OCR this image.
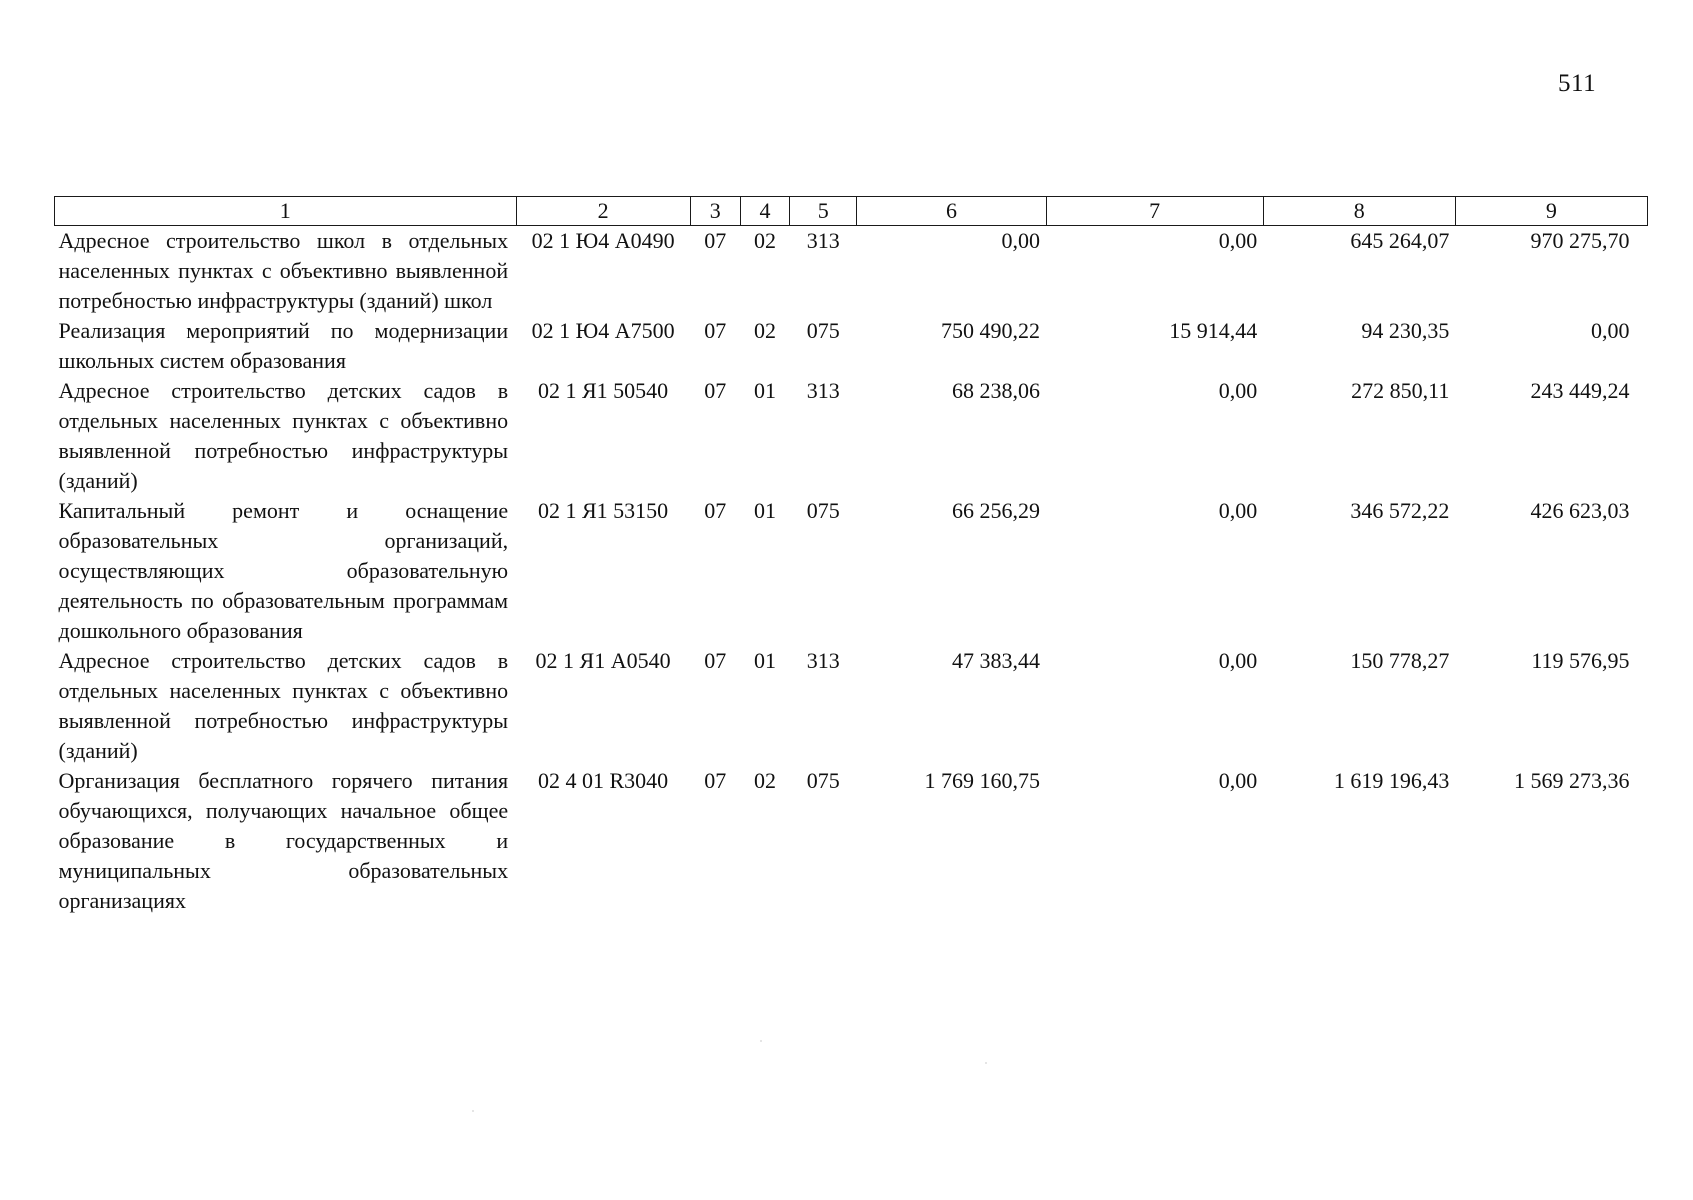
511
1	2	3	4	5	6	7	8	9
Адресное строительство школ в отдельных населенных пунктах с объективно выявленной потребностью инфраструктуры (зданий) школ	02 1 Ю4 А0490	07	02	313	0,00	0,00	645 264,07	970 275,70
Реализация мероприятий по модернизации школьных систем образования	02 1 Ю4 А7500	07	02	075	750 490,22	15 914,44	94 230,35	0,00
Адресное строительство детских садов в отдельных населенных пунктах с объективно выявленной потребностью инфраструктуры (зданий)	02 1 Я1 50540	07	01	313	68 238,06	0,00	272 850,11	243 449,24
Капитальный ремонт и оснащение образовательных организаций, осуществляющих образовательную деятельность по образовательным программам дошкольного образования	02 1 Я1 53150	07	01	075	66 256,29	0,00	346 572,22	426 623,03
Адресное строительство детских садов в отдельных населенных пунктах с объективно выявленной потребностью инфраструктуры (зданий)	02 1 Я1 А0540	07	01	313	47 383,44	0,00	150 778,27	119 576,95
Организация бесплатного горячего питания обучающихся, получающих начальное общее образование в государственных и муниципальных образовательных организациях	02 4 01 R3040	07	02	075	1 769 160,75	0,00	1 619 196,43	1 569 273,36
